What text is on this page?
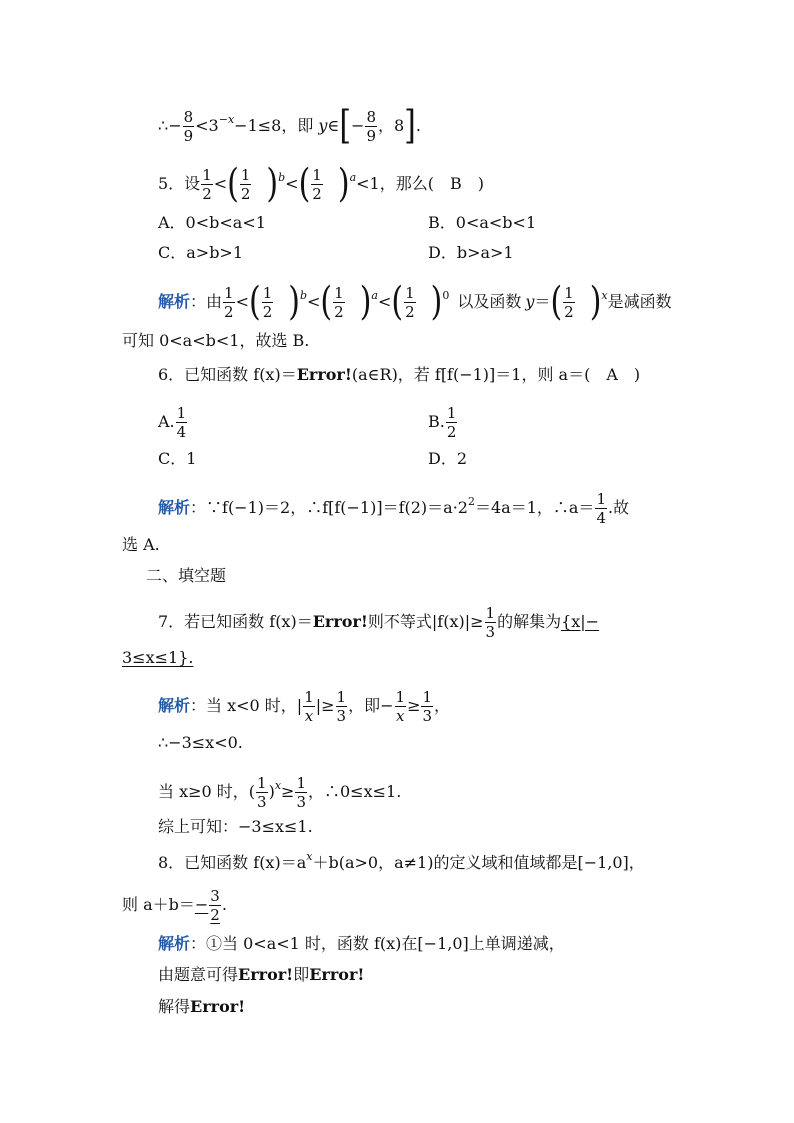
∴− $\frac{8}{9} <3^{-x}-1\le 8$，即 y∈[− $\frac{8}{9}$ ，8].
5．设 $\frac{1}{2}$ <( $\frac{1}{2} )^b<( \frac{1}{2} )^a<1$，那么(　B　)
A．0<b<a<1	B．0<a<b<1
C．a>b>1	D．b>a>1
解析：由 $\frac{1}{2}$ <( $\frac{1}{2} )^b<( \frac{1}{2} )^a<( \frac{1}{2} )^0$ 以及函数 $y=( \frac{1}{2} )^x$是减函数
可知 0<a<b<1，故选 B.
6．已知函数 f(x)＝Error!(a∈R)，若 f[f(−1)]＝1，则 a＝(　A　)
A. $\frac{1}{4}$	B. $\frac{1}{2}$
C．1	D．2
解析：∵f(−1)＝2，$\therefore f[f(-1)]=f(2)=a\cdot 2^2=4a=1$，∴a＝ $\frac{1}{4}$ .故
选 A.
二、填空题
7．若已知函数 f(x)＝Error!则不等式$|f(x)|\ge \frac{1}{3}$ 的解集为{x|−
3≤x≤1}.
解析：当 x<0 时，| $\frac{1}{x}$ |≥ $\frac{1}{3}$ ，即− $\frac{1}{x} \ge \frac{1}{3}$ ，
∴−3≤x<0.
当 x≥0 时，( $\frac{1}{3} )^x\ge \frac{1}{3}$ ，∴0≤x≤1.
综上可知：−3≤x≤1.
8．已知函数 $f(x)=a^x+b(a>0$，a≠1)的定义域和值域都是[−1,0]，
则 $a+b=- \frac{3}{2}$ .
解析：①当 0<a<1 时，函数 f(x)在[−1,0]上单调递减，
由题意可得Error!即Error!
解得Error!
